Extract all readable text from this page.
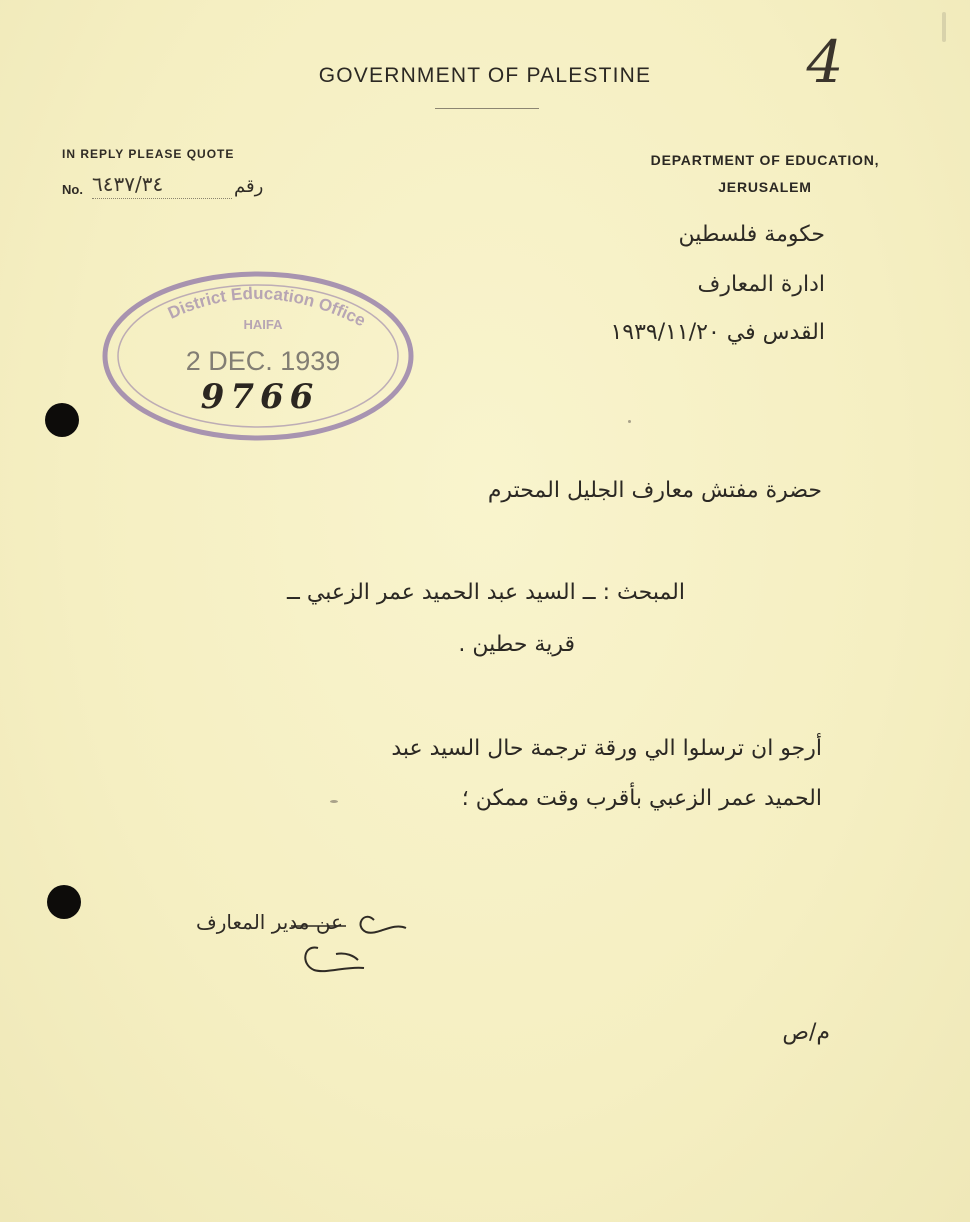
4
GOVERNMENT OF PALESTINE
IN REPLY PLEASE QUOTE
No. ٦٤٣٧/٣٤	رقم
DEPARTMENT OF EDUCATION,
JERUSALEM
حكومة فلسطين
ادارة المعارف
القدس في ١٩٣٩/١١/٢٠
District Education Office
HAIFA
2 DEC. 1939
9766
حضرة مفتش معارف الجليل المحترم
المبحث : ــ السيد عبد الحميد عمر الزعبي ــ
قرية حطين .
أرجو ان ترسلوا الي ورقة ترجمة حال السيد عبد
الحميد عمر الزعبي بأقرب وقت ممكن ؛
عن مدير المعارف
م/ص
